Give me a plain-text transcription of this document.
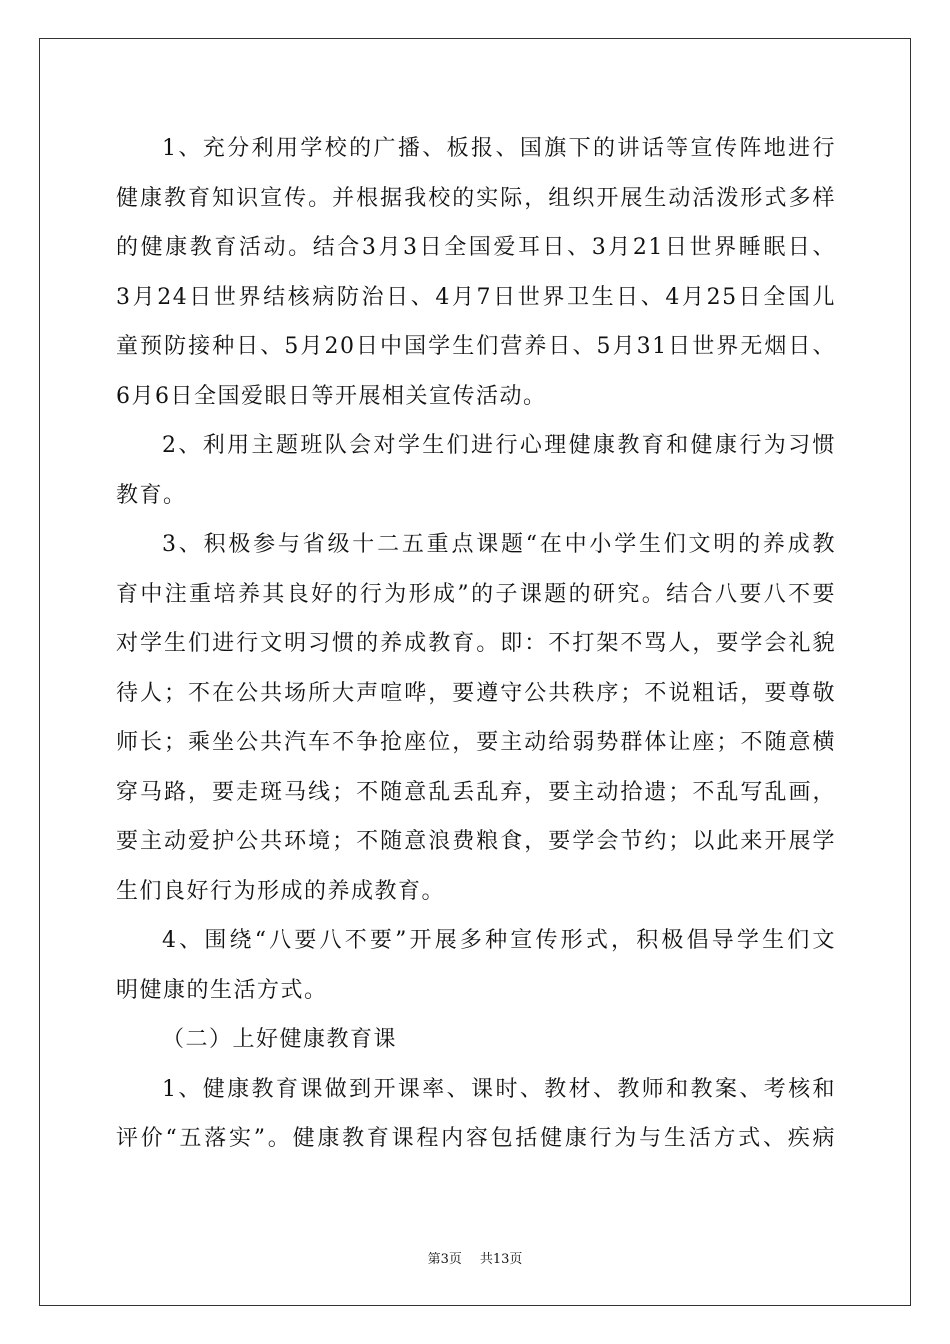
1、充分利用学校的广播、板报、国旗下的讲话等宣传阵地进行
健康教育知识宣传。并根据我校的实际，组织开展生动活泼形式多样
的健康教育活动。结合3月3日全国爱耳日、3月21日世界睡眠日、
3月24日世界结核病防治日、4月7日世界卫生日、4月25日全国儿
童预防接种日、5月20日中国学生们营养日、5月31日世界无烟日、
6月6日全国爱眼日等开展相关宣传活动。
2、利用主题班队会对学生们进行心理健康教育和健康行为习惯
教育。
3、积极参与省级十二五重点课题“在中小学生们文明的养成教
育中注重培养其良好的行为形成”的子课题的研究。结合八要八不要
对学生们进行文明习惯的养成教育。即：不打架不骂人，要学会礼貌
待人；不在公共场所大声喧哗，要遵守公共秩序；不说粗话，要尊敬
师长；乘坐公共汽车不争抢座位，要主动给弱势群体让座；不随意横
穿马路，要走斑马线；不随意乱丢乱弃，要主动拾遗；不乱写乱画，
要主动爱护公共环境；不随意浪费粮食，要学会节约；以此来开展学
生们良好行为形成的养成教育。
4、围绕“八要八不要”开展多种宣传形式，积极倡导学生们文
明健康的生活方式。
（二）上好健康教育课
1、健康教育课做到开课率、课时、教材、教师和教案、考核和
评价“五落实”。健康教育课程内容包括健康行为与生活方式、疾病
第3页 共13页
